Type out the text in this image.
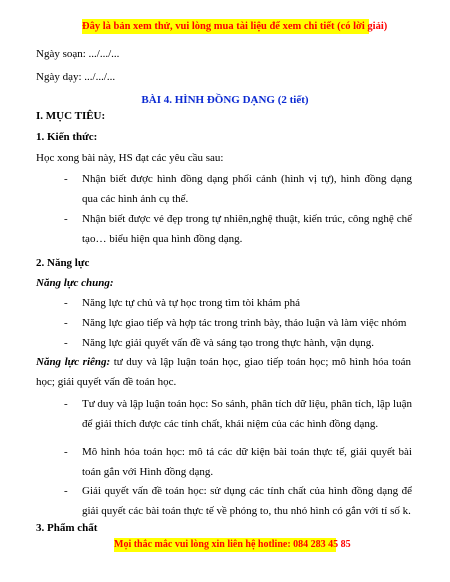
Đây là bản xem thử, vui lòng mua tài liệu để xem chi tiết (có lời giải)
Ngày soạn: .../.../...
Ngày dạy: .../.../...
BÀI 4. HÌNH ĐỒNG DẠNG (2 tiết)
I. MỤC TIÊU:
1. Kiến thức:
Học xong bài này, HS đạt các yêu cầu sau:
- Nhận biết được hình đồng dạng phối cảnh (hình vị tự), hình đồng dạng qua các hình ảnh cụ thể.
- Nhận biết được vẻ đẹp trong tự nhiên,nghệ thuật, kiến trúc, công nghệ chế tạo… biểu hiện qua hình đồng dạng.
2. Năng lực
Năng lực chung:
- Năng lực tự chủ và tự học trong tìm tòi khám phá
- Năng lực giao tiếp và hợp tác trong trình bày, thảo luận và làm việc nhóm
- Năng lực giải quyết vấn đề và sáng tạo trong thực hành, vận dụng.
Năng lực riêng: tư duy và lập luận toán học, giao tiếp toán học; mô hình hóa toán học; giải quyết vấn đề toán học.
- Tư duy và lập luận toán học: So sánh, phân tích dữ liệu, phân tích, lập luận để giải thích được các tính chất, khái niệm của các hình đồng dạng.
- Mô hình hóa toán học: mô tả các dữ kiện bài toán thực tế, giải quyết bài toán gắn với Hình đồng dạng.
- Giải quyết vấn đề toán học: sử dụng các tính chất của hình đồng dạng để giải quyết các bài toán thực tế về phóng to, thu nhỏ hình có gắn với tỉ số k.
3. Phẩm chất
Mọi thắc mắc vui lòng xin liên hệ hotline: 084 283 45 85
